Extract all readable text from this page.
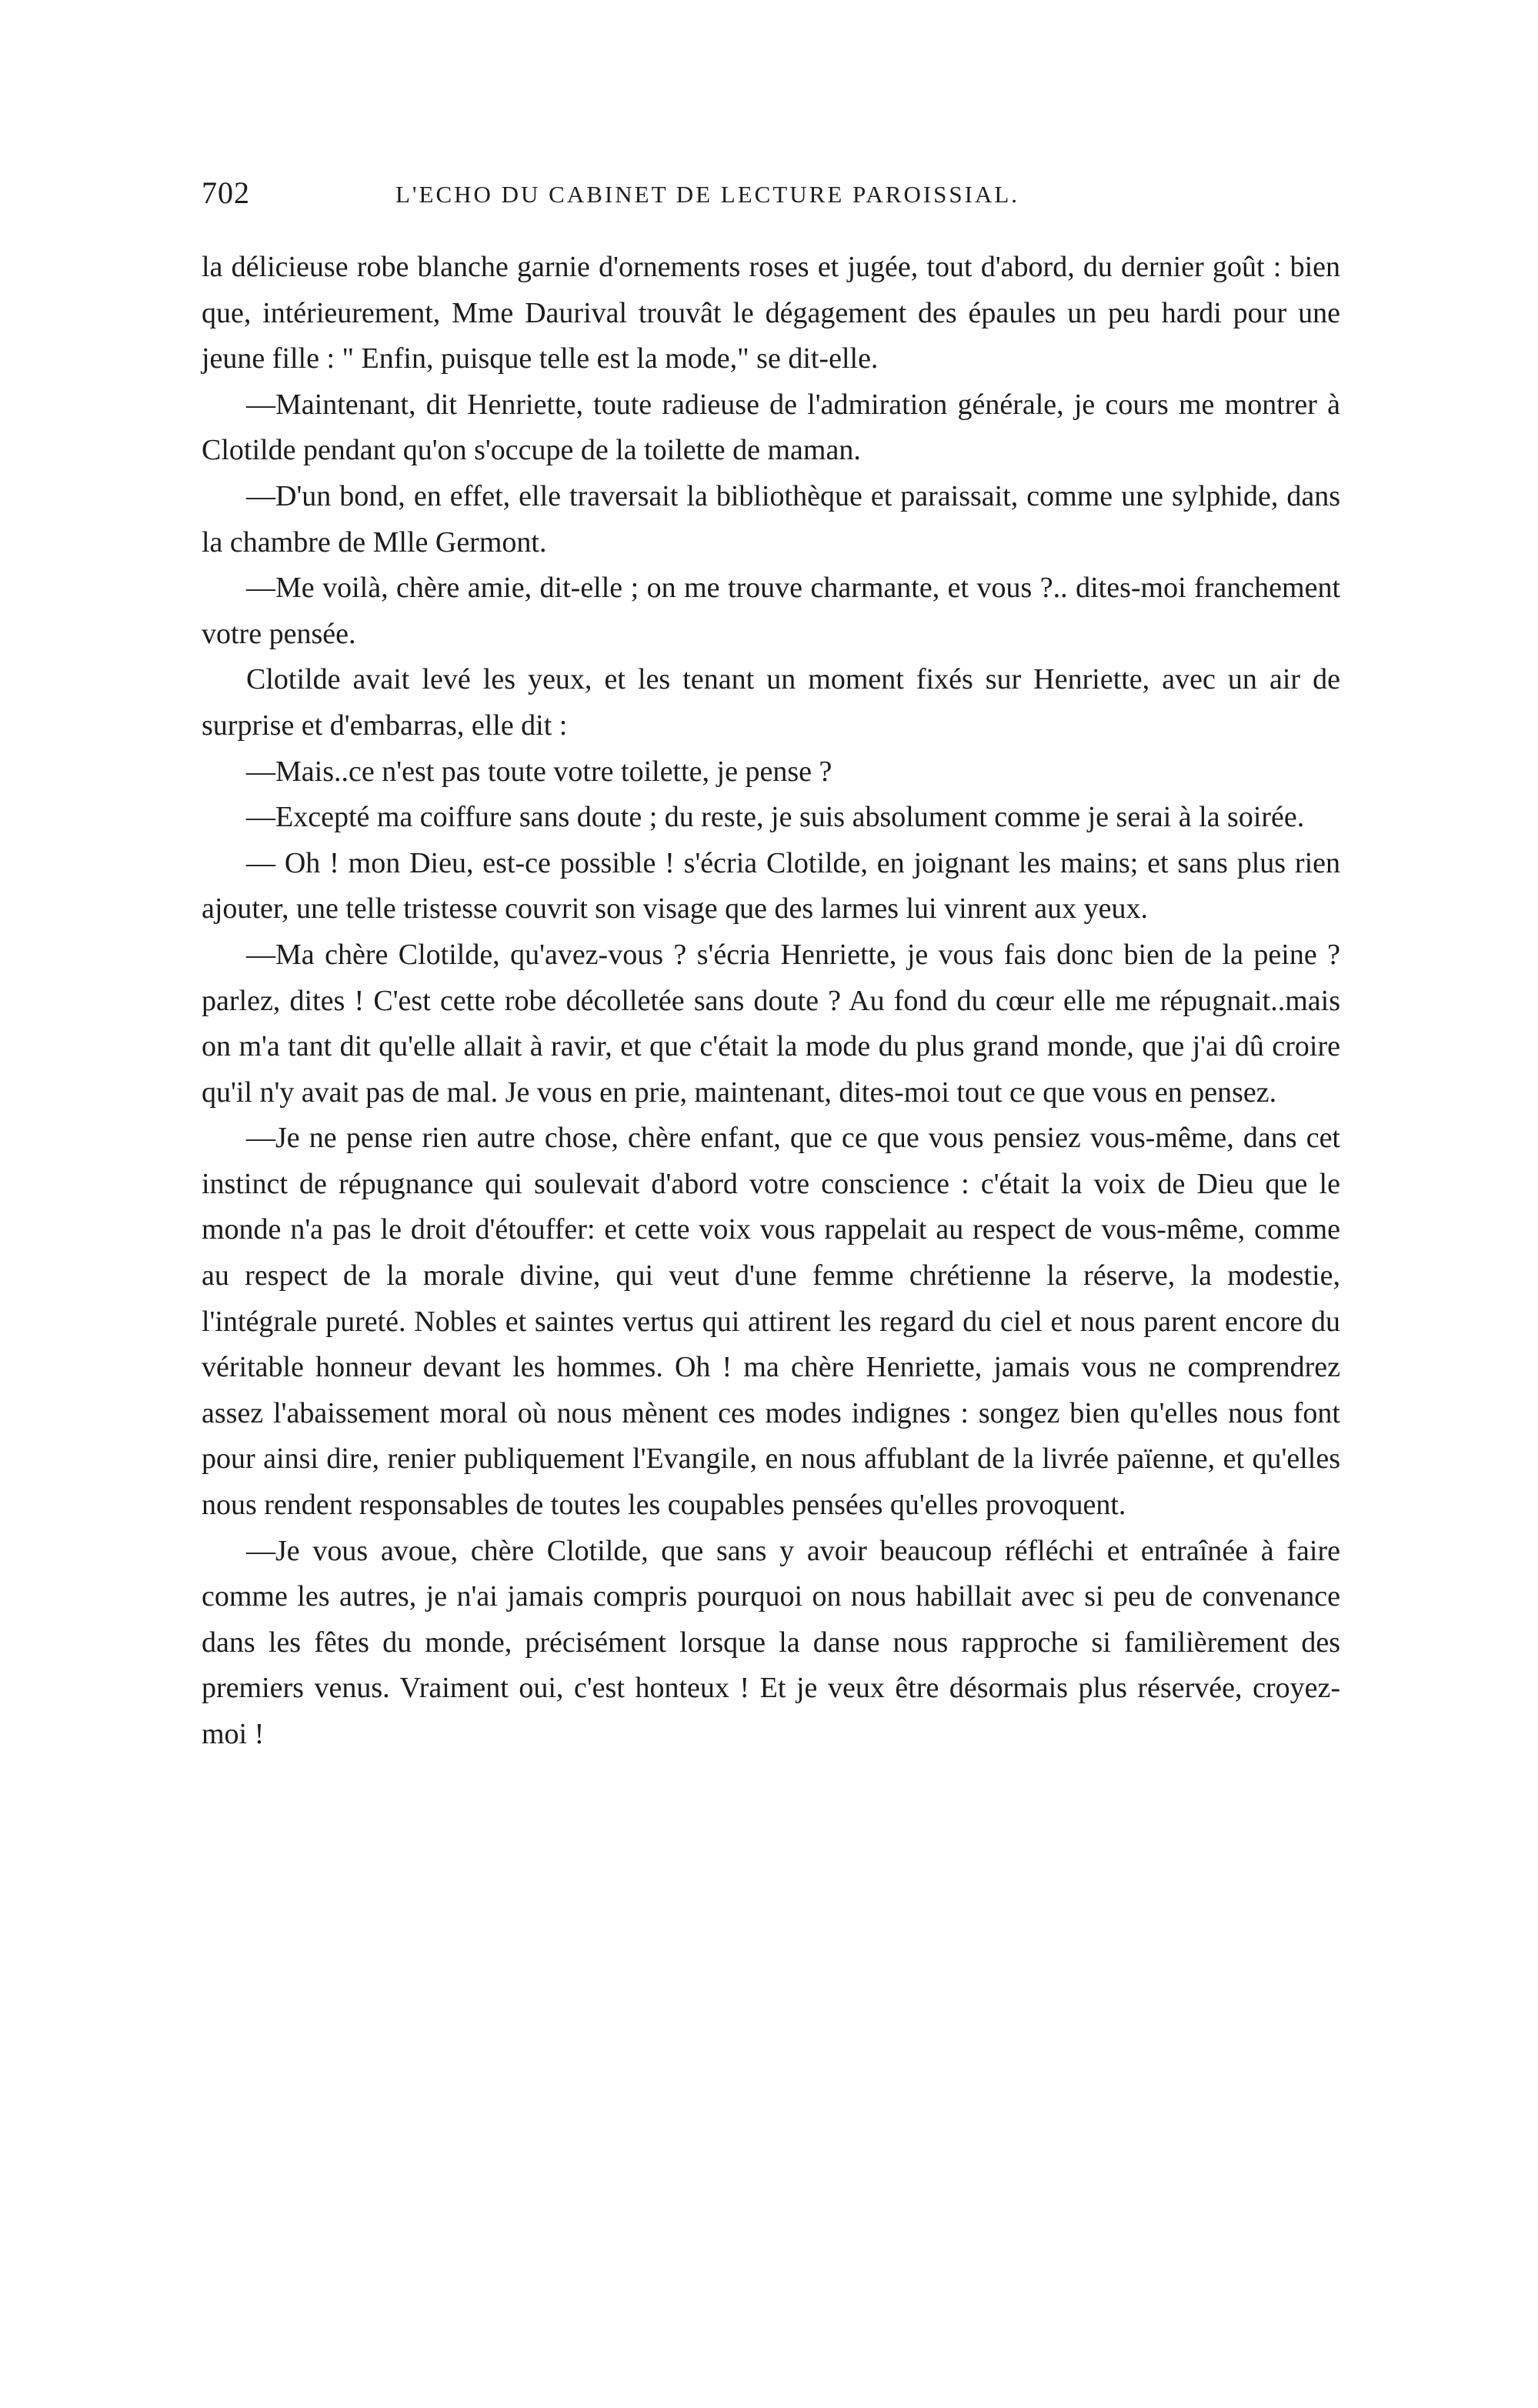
702	L'ECHO DU CABINET DE LECTURE PAROISSIAL.

la délicieuse robe blanche garnie d'ornements roses et jugée, tout d'abord, du dernier goût : bien que, intérieurement, Mme Daurival trouvât le dégagement des épaules un peu hardi pour une jeune fille : " Enfin, puisque telle est la mode," se dit-elle.

—Maintenant, dit Henriette, toute radieuse de l'admiration générale, je cours me montrer à Clotilde pendant qu'on s'occupe de la toilette de maman.

—D'un bond, en effet, elle traversait la bibliothèque et paraissait, comme une sylphide, dans la chambre de Mlle Germont.

—Me voilà, chère amie, dit-elle ; on me trouve charmante, et vous ?.. dites-moi franchement votre pensée.

Clotilde avait levé les yeux, et les tenant un moment fixés sur Henriette, avec un air de surprise et d'embarras, elle dit :

—Mais..ce n'est pas toute votre toilette, je pense ?

—Excepté ma coiffure sans doute ; du reste, je suis absolument comme je serai à la soirée.

— Oh ! mon Dieu, est-ce possible ! s'écria Clotilde, en joignant les mains; et sans plus rien ajouter, une telle tristesse couvrit son visage que des larmes lui vinrent aux yeux.

—Ma chère Clotilde, qu'avez-vous ? s'écria Henriette, je vous fais donc bien de la peine ? parlez, dites ! C'est cette robe décolletée sans doute ? Au fond du cœur elle me répugnait..mais on m'a tant dit qu'elle allait à ravir, et que c'était la mode du plus grand monde, que j'ai dû croire qu'il n'y avait pas de mal. Je vous en prie, maintenant, dites-moi tout ce que vous en pensez.

—Je ne pense rien autre chose, chère enfant, que ce que vous pensiez vous-même, dans cet instinct de répugnance qui soulevait d'abord votre conscience : c'était la voix de Dieu que le monde n'a pas le droit d'étouffer: et cette voix vous rappelait au respect de vous-même, comme au respect de la morale divine, qui veut d'une femme chrétienne la réserve, la modestie, l'intégrale pureté. Nobles et saintes vertus qui attirent les regard du ciel et nous parent encore du véritable honneur devant les hommes. Oh ! ma chère Henriette, jamais vous ne comprendrez assez l'abaissement moral où nous mènent ces modes indignes : songez bien qu'elles nous font pour ainsi dire, renier publiquement l'Evangile, en nous affublant de la livrée païenne, et qu'elles nous rendent responsables de toutes les coupables pensées qu'elles provoquent.

—Je vous avoue, chère Clotilde, que sans y avoir beaucoup réfléchi et entraînée à faire comme les autres, je n'ai jamais compris pourquoi on nous habillait avec si peu de convenance dans les fêtes du monde, précisément lorsque la danse nous rapproche si familièrement des premiers venus. Vraiment oui, c'est honteux ! Et je veux être désormais plus réservée, croyez-moi !
